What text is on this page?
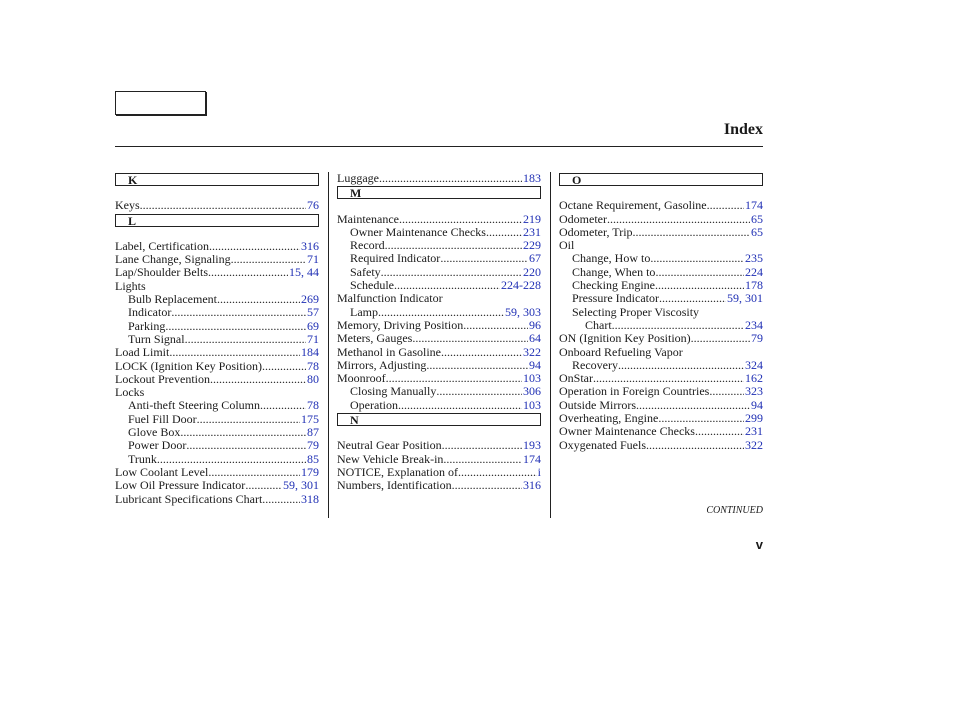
Index
K
Keys .....	76
L
Label, Certification .....	316
Lane Change, Signaling .....	71
Lap/Shoulder Belts .....	15, 44
Lights
Bulb Replacement .....	269
Indicator .....	57
Parking .....	69
Turn Signal .....	71
Load Limit .....	184
LOCK (Ignition Key Position) .....	78
Lockout Prevention .....	80
Locks
Anti-theft Steering Column .....	78
Fuel Fill Door .....	175
Glove Box .....	87
Power Door .....	79
Trunk .....	85
Low Coolant Level .....	179
Low Oil Pressure Indicator .....	59, 301
Lubricant Specifications Chart .....	318
Luggage .....	183
M
Maintenance .....	219
Owner Maintenance Checks .....	231
Record .....	229
Required Indicator .....	67
Safety .....	220
Schedule .....	224-228
Malfunction Indicator
Lamp .....	59, 303
Memory, Driving Position .....	96
Meters, Gauges .....	64
Methanol in Gasoline .....	322
Mirrors, Adjusting .....	94
Moonroof .....	103
Closing Manually .....	306
Operation .....	103
N
Neutral Gear Position .....	193
New Vehicle Break-in .....	174
NOTICE, Explanation of .....	i
Numbers, Identification .....	316
O
Octane Requirement, Gasoline .....	174
Odometer .....	65
Odometer, Trip .....	65
Oil
Change, How to .....	235
Change, When to .....	224
Checking Engine .....	178
Pressure Indicator .....	59, 301
Selecting Proper Viscosity
Chart .....	234
ON (Ignition Key Position) .....	79
Onboard Refueling Vapor
Recovery .....	324
OnStar .....	162
Operation in Foreign Countries .....	323
Outside Mirrors .....	94
Overheating, Engine .....	299
Owner Maintenance Checks .....	231
Oxygenated Fuels .....	322
CONTINUED
v
